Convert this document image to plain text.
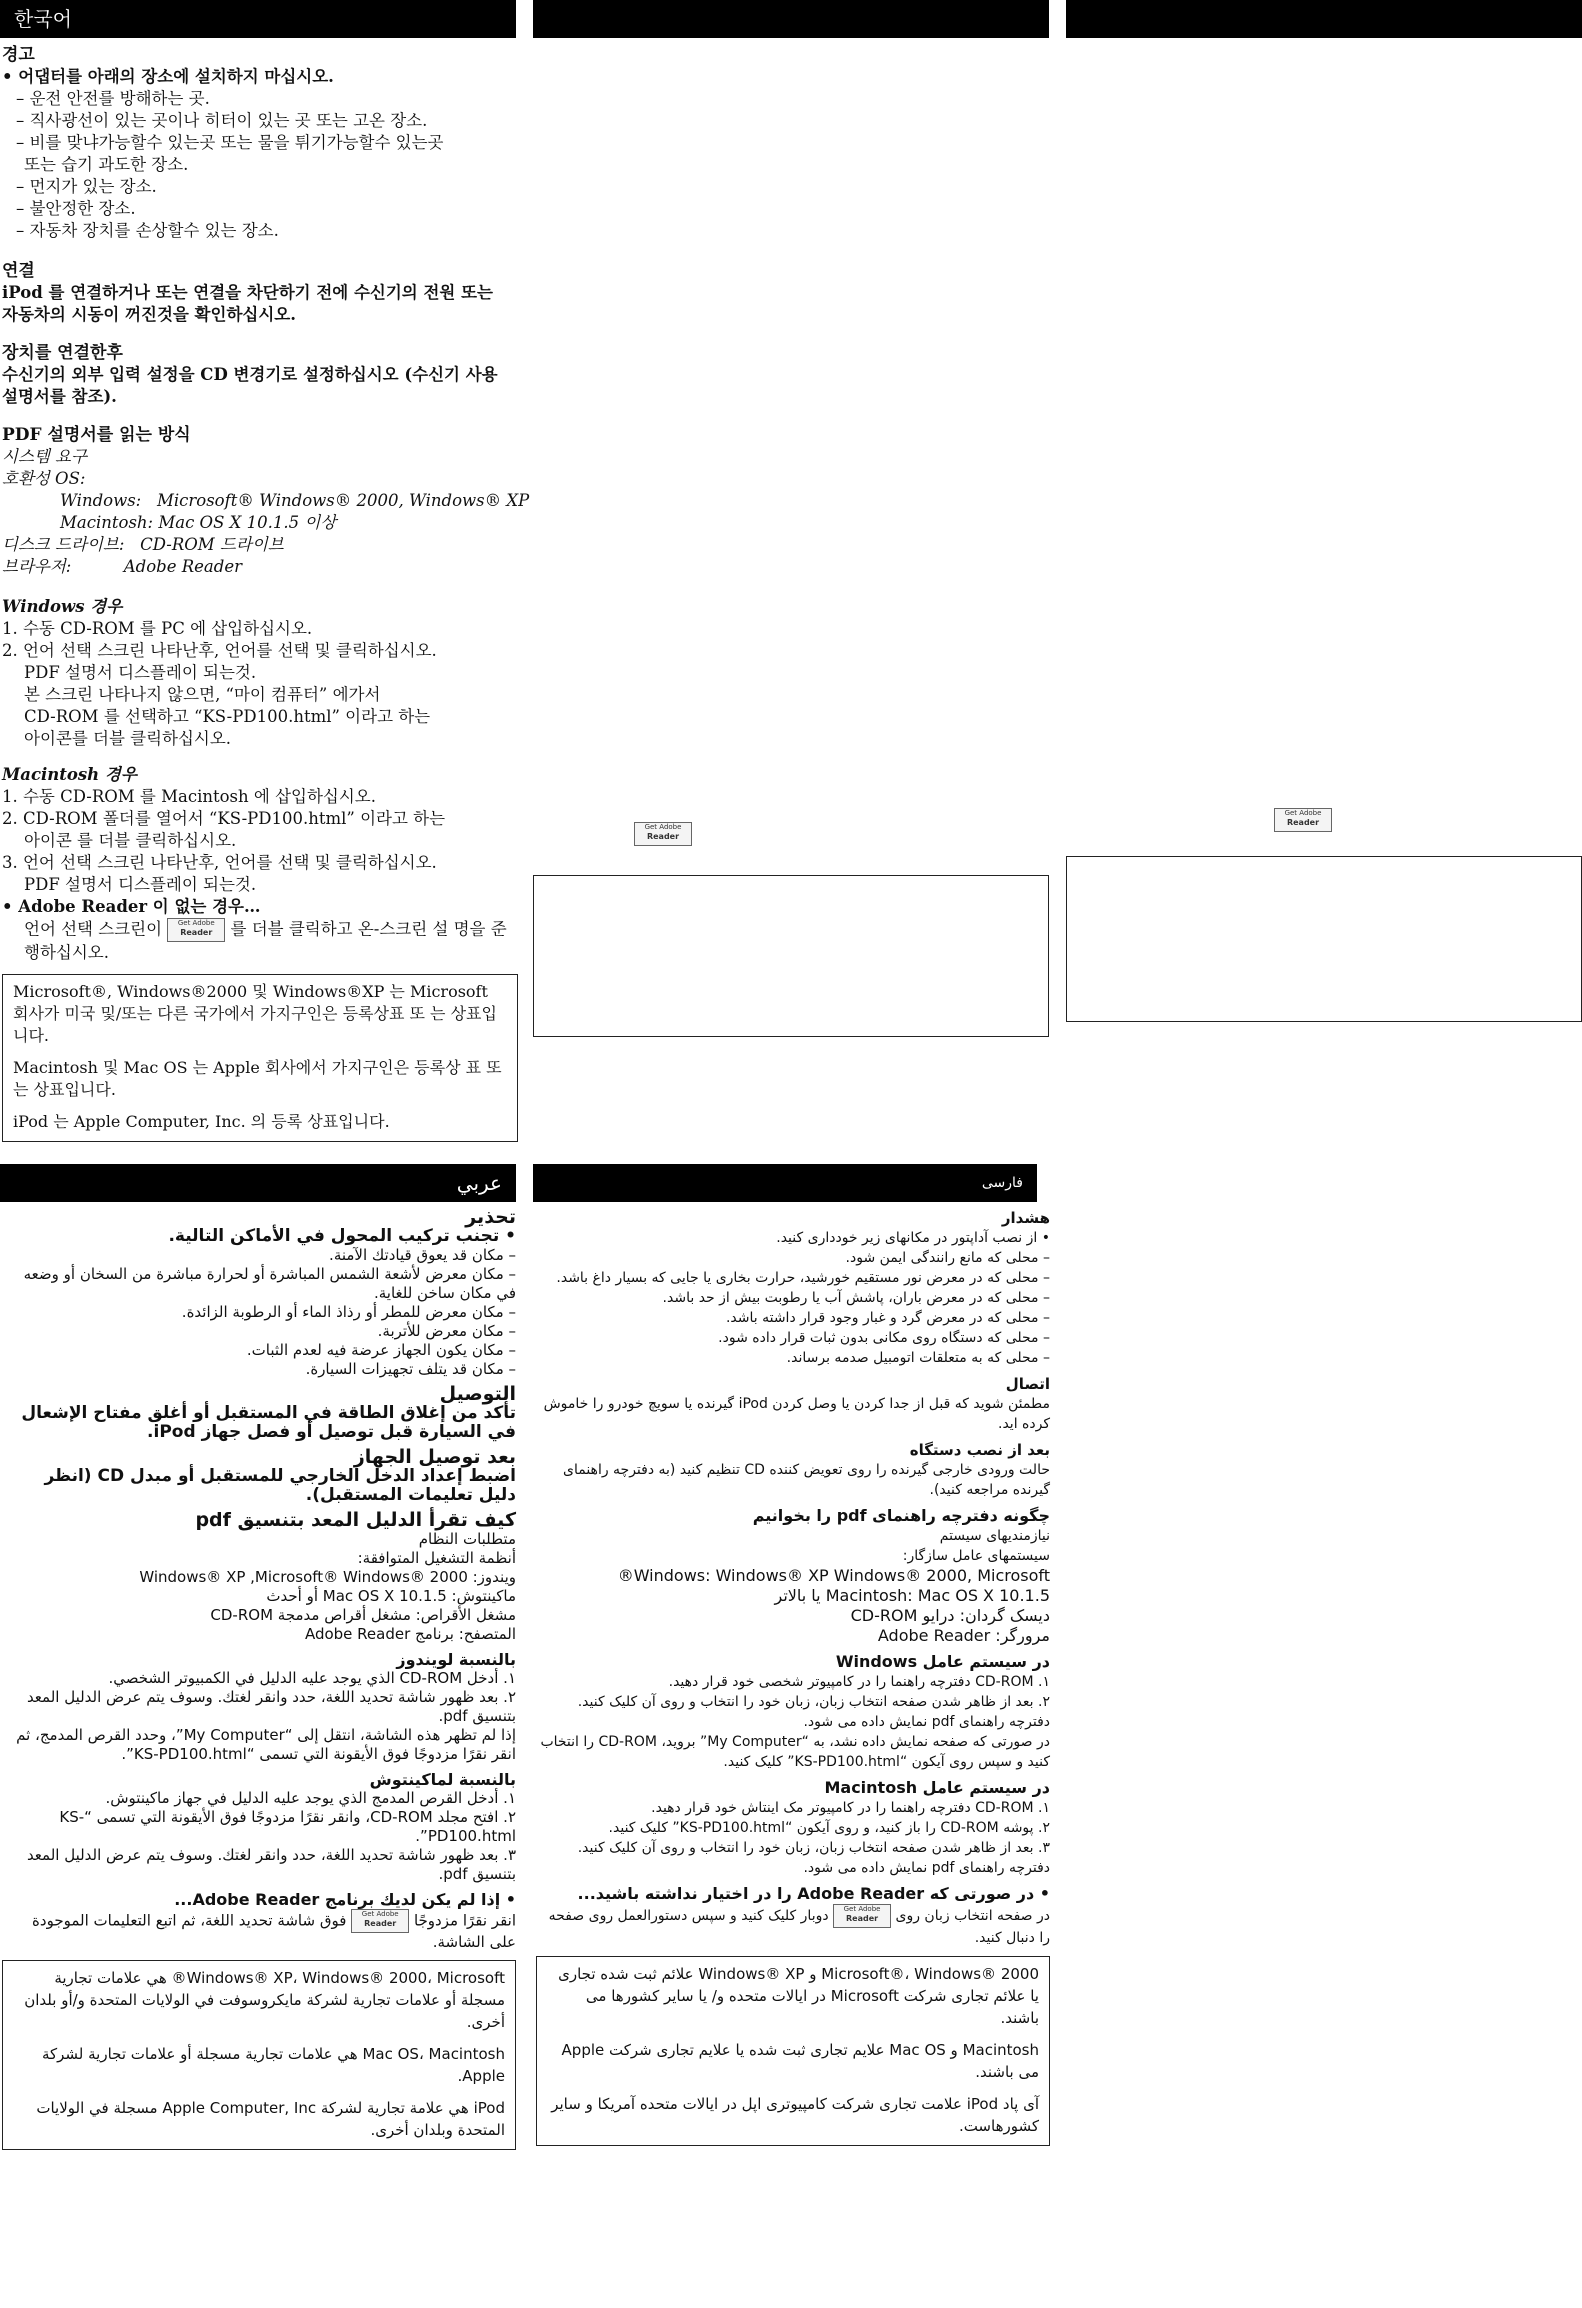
한국어
경고
• 어댑터를 아래의 장소에 설치하지 마십시오.
– 운전 안전를 방해하는 곳.
– 직사광선이 있는 곳이나 히터이 있는 곳 또는 고온 장소.
– 비를 맞냐가능할수 있는곳 또는 물을 튀기가능할수 있는곳
또는 습기 과도한 장소.
– 먼지가 있는 장소.
– 불안정한 장소.
– 자동차 장치를 손상할수 있는 장소.
연결
iPod 를 연결하거나 또는 연결을 차단하기 전에 수신기의 전원 또는 자동차의 시동이 꺼진것을 확인하십시오.
장치를 연결한후
수신기의 외부 입력 설정을 CD 변경기로 설정하십시오 (수신기 사용 설명서를 참조).
PDF 설명서를 읽는 방식
시스템 요구
호환성 OS:
Windows:   Microsoft® Windows® 2000, Windows® XP
Macintosh: Mac OS X 10.1.5 이상
디스크 드라이브:   CD-ROM 드라이브
브라우저:          Adobe Reader
Windows 경우
1. 수동 CD-ROM 를 PC 에 삽입하십시오.
2. 언어 선택 스크린 나타난후, 언어를 선택 및 클릭하십시오.
PDF 설명서 디스플레이 되는것.
본 스크린 나타나지 않으면, “마이 컴퓨터” 에가서
CD-ROM 를 선택하고 “KS-PD100.html” 이라고 하는
아이콘를 더블 클릭하십시오.
Macintosh 경우
1. 수동 CD-ROM 를 Macintosh 에 삽입하십시오.
2. CD-ROM 폴더를 열어서 “KS-PD100.html” 이라고 하는
아이콘 를 더블 클릭하십시오.
3. 언어 선택 스크린 나타난후, 언어를 선택 및 클릭하십시오.
PDF 설명서 디스플레이 되는것.
• Adobe Reader 이 없는 경우…
언어 선택 스크린이 Get Adobe
Reader 를 더블 클릭하고 온-스크린 설 명을 준행하십시오.

Microsoft®, Windows®2000 및 Windows®XP 는 Microsoft 회사가 미국 및/또는 다른 국가에서 가지구인은 등록상표 또 는 상표입니다.

Macintosh 및 Mac OS 는 Apple 회사에서 가지구인은 등록상 표 또는 상표입니다.

iPod 는 Apple Computer, Inc. 의 등록 상표입니다.

Get Adobe
Reader
Get Adobe
Reader
عربي
تحذير
• تجنب تركيب المحول في الأماكن التالية.
– مكان قد يعوق قيادتك الآمنة.
– مكان معرض لأشعة الشمس المباشرة أو لحرارة مباشرة من السخان أو وضعه في مكان ساخن للغاية.
– مكان معرض للمطر أو رذاذ الماء أو الرطوبة الزائدة.
– مكان معرض للأتربة.
– مكان يكون الجهاز عرضة فيه لعدم الثبات.
– مكان قد يتلف تجهيزات السيارة.
التوصيل
تأكد من إغلاق الطاقة في المستقبل أو أغلق مفتاح الإشعال في السيارة قبل توصيل أو فصل جهاز iPod.
بعد توصيل الجهاز
اضبط إعداد الدخل الخارجي للمستقبل أو مبدل CD (انظر دليل تعليمات المستقبل).
كيف تقرأ الدليل المعد بتنسيق pdf
متطلبات النظام
أنظمة التشغيل المتوافقة:
ويندوز: Windows® XP ,Microsoft® Windows® 2000
ماكينتوش: Mac OS X 10.1.5 أو أحدث
مشغل الأقراص: مشغل أقراص مدمجة CD-ROM
المتصفح: برنامج Adobe Reader
بالنسبة لويندوز
١. أدخل CD-ROM الذي يوجد عليه الدليل في الكمبيوتر الشخصي.
٢. بعد ظهور شاشة تحديد اللغة، حدد وانقر لغتك. وسوف يتم عرض الدليل المعد بتنسيق pdf.
إذا لم تظهر هذه الشاشة، انتقل إلى “My Computer”، وحدد القرص المدمج، ثم انقر نقرًا مزدوجًا فوق الأيقونة التي تسمى “KS-PD100.html”.
بالنسبة لماكينتوش
١. أدخل القرص المدمج الذي يوجد عليه الدليل في جهاز ماكينتوش.
٢. افتح مجلد CD-ROM، وانقر نقرًا مزدوجًا فوق الأيقونة التي تسمى “KS-PD100.html”.
٣. بعد ظهور شاشة تحديد اللغة، حدد وانقر لغتك. وسوف يتم عرض الدليل المعد بتنسيق pdf.
• إذا لم يكن لديك برنامج Adobe Reader...
انقر نقرًا مزدوجًا Get Adobe
Reader فوق شاشة تحديد اللغة، ثم اتبع التعليمات الموجودة على الشاشة.

Windows® XP، Windows® 2000، Microsoft® هي علامات تجارية مسجلة أو علامات تجارية لشركة مايكروسوفت في الولايات المتحدة و/أو بلدان أخرى.

Mac OS، Macintosh هي علامات تجارية مسجلة أو علامات تجارية لشركة Apple.

iPod هي علامة تجارية لشركة Apple Computer, Inc مسجلة في الولايات المتحدة وبلدان أخرى.

فارسی
هشدار
• از نصب آداپتور در مکانهای زیر خودداری کنید.
– محلی که مانع رانندگی ایمن شود.
– محلی که در معرض نور مستقیم خورشید، حرارت بخاری یا جایی که بسیار داغ باشد.
– محلی که در معرض باران، پاشش آب یا رطوبت بیش از حد باشد.
– محلی که در معرض گرد و غبار وجود قرار داشته باشد.
– محلی که دستگاه روی مکانی بدون ثبات قرار داده شود.
– محلی که به متعلقات اتومبیل صدمه برساند.
اتصال
مطمئن شوید که قبل از جدا کردن یا وصل کردن iPod گیرنده یا سویچ خودرو را خاموش کرده اید.
بعد از نصب دستگاه
حالت ورودی خارجی گیرنده را روی تعویض کننده CD تنظیم کنید (به دفترچه راهنمای گیرنده مراجعه کنید).
چگونه دفترچه راهنمای pdf را بخوانیم
نیازمندیهای سیستم
سیستمهای عامل سازگار:
Windows: Windows® XP Windows® 2000, Microsoft®
Macintosh: Mac OS X 10.1.5 یا بالاتر
دیسک گردان: درایو CD-ROM
مرورگر: Adobe Reader
در سیستم عامل Windows
١. CD-ROM دفترچه راهنما را در کامپیوتر شخصی خود قرار دهید.
٢. بعد از ظاهر شدن صفحه انتخاب زبان، زبان خود را انتخاب و روی آن کلیک کنید. دفترچه راهنمای pdf نمایش داده می شود.
در صورتی که صفحه نمایش داده نشد، به “My Computer” بروید، CD-ROM را انتخاب کنید و سپس روی آیکون “KS-PD100.html” کلیک کنید.
در سیستم عامل Macintosh
١. CD-ROM دفترچه راهنما را در کامپیوتر مک اینتاش خود قرار دهید.
٢. پوشه CD-ROM را باز کنید، و روی آیکون “KS-PD100.html” کلیک کنید.
٣. بعد از ظاهر شدن صفحه انتخاب زبان، زبان خود را انتخاب و روی آن کلیک کنید. دفترچه راهنمای pdf نمایش داده می شود.
• در صورتی که Adobe Reader را در اختیار نداشته باشید...
در صفحه انتخاب زبان روی Get Adobe
Reader دوبار کلیک کنید و سپس دستورالعمل روی صفحه را دنبال کنید.

Microsoft®، Windows® 2000 و Windows® XP علائم ثبت شده تجاری یا علائم تجاری شرکت Microsoft در ایالات متحده و/ یا سایر کشورها می باشند.

Macintosh و Mac OS علایم تجاری ثبت شده یا علایم تجاری شرکت Apple می باشند.

آی پاد iPod علامت تجاری شرکت کامپیوتری اپل در ایالات متحده آمریکا و سایر کشورهاست.
